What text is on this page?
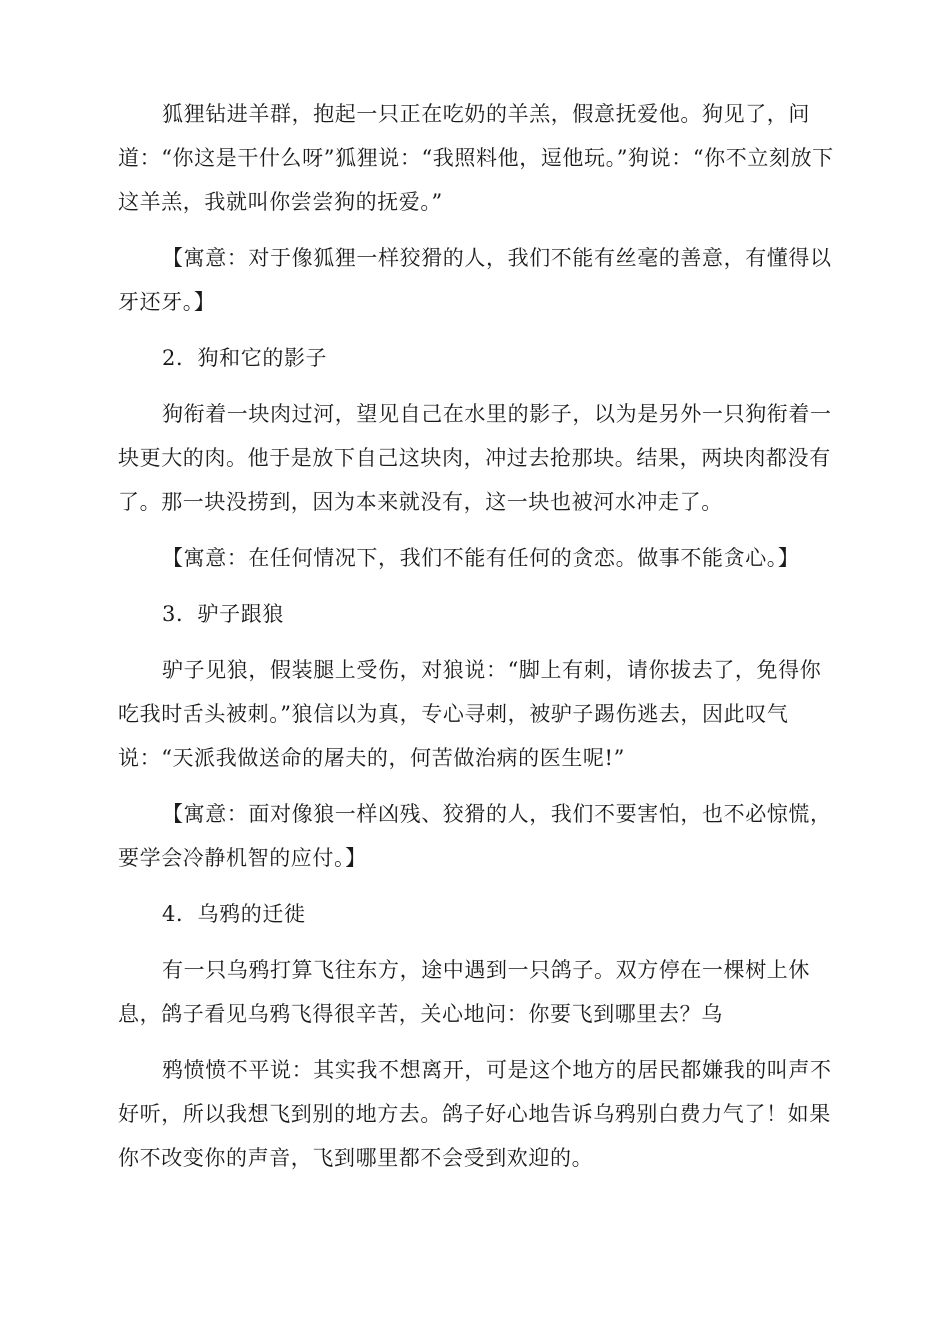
狐狸钻进羊群，抱起一只正在吃奶的羊羔，假意抚爱他。狗见了，问道：“你这是干什么呀”狐狸说：“我照料他，逗他玩。”狗说：“你不立刻放下这羊羔，我就叫你尝尝狗的抚爱。”

【寓意：对于像狐狸一样狡猾的人，我们不能有丝毫的善意，有懂得以牙还牙。】

2．狗和它的影子

狗衔着一块肉过河，望见自己在水里的影子，以为是另外一只狗衔着一块更大的肉。他于是放下自己这块肉，冲过去抢那块。结果，两块肉都没有了。那一块没捞到，因为本来就没有，这一块也被河水冲走了。

【寓意：在任何情况下，我们不能有任何的贪恋。做事不能贪心。】

3．驴子跟狼

驴子见狼，假装腿上受伤，对狼说：“脚上有刺，请你拔去了，免得你吃我时舌头被刺。”狼信以为真，专心寻刺，被驴子踢伤逃去，因此叹气说：“天派我做送命的屠夫的，何苦做治病的医生呢!”

【寓意：面对像狼一样凶残、狡猾的人，我们不要害怕，也不必惊慌，要学会冷静机智的应付。】

4．乌鸦的迁徙

有一只乌鸦打算飞往东方，途中遇到一只鸽子。双方停在一棵树上休息，鸽子看见乌鸦飞得很辛苦，关心地问：你要飞到哪里去？乌

鸦愤愤不平说：其实我不想离开，可是这个地方的居民都嫌我的叫声不好听，所以我想飞到别的地方去。鸽子好心地告诉乌鸦别白费力气了！如果你不改变你的声音，飞到哪里都不会受到欢迎的。
